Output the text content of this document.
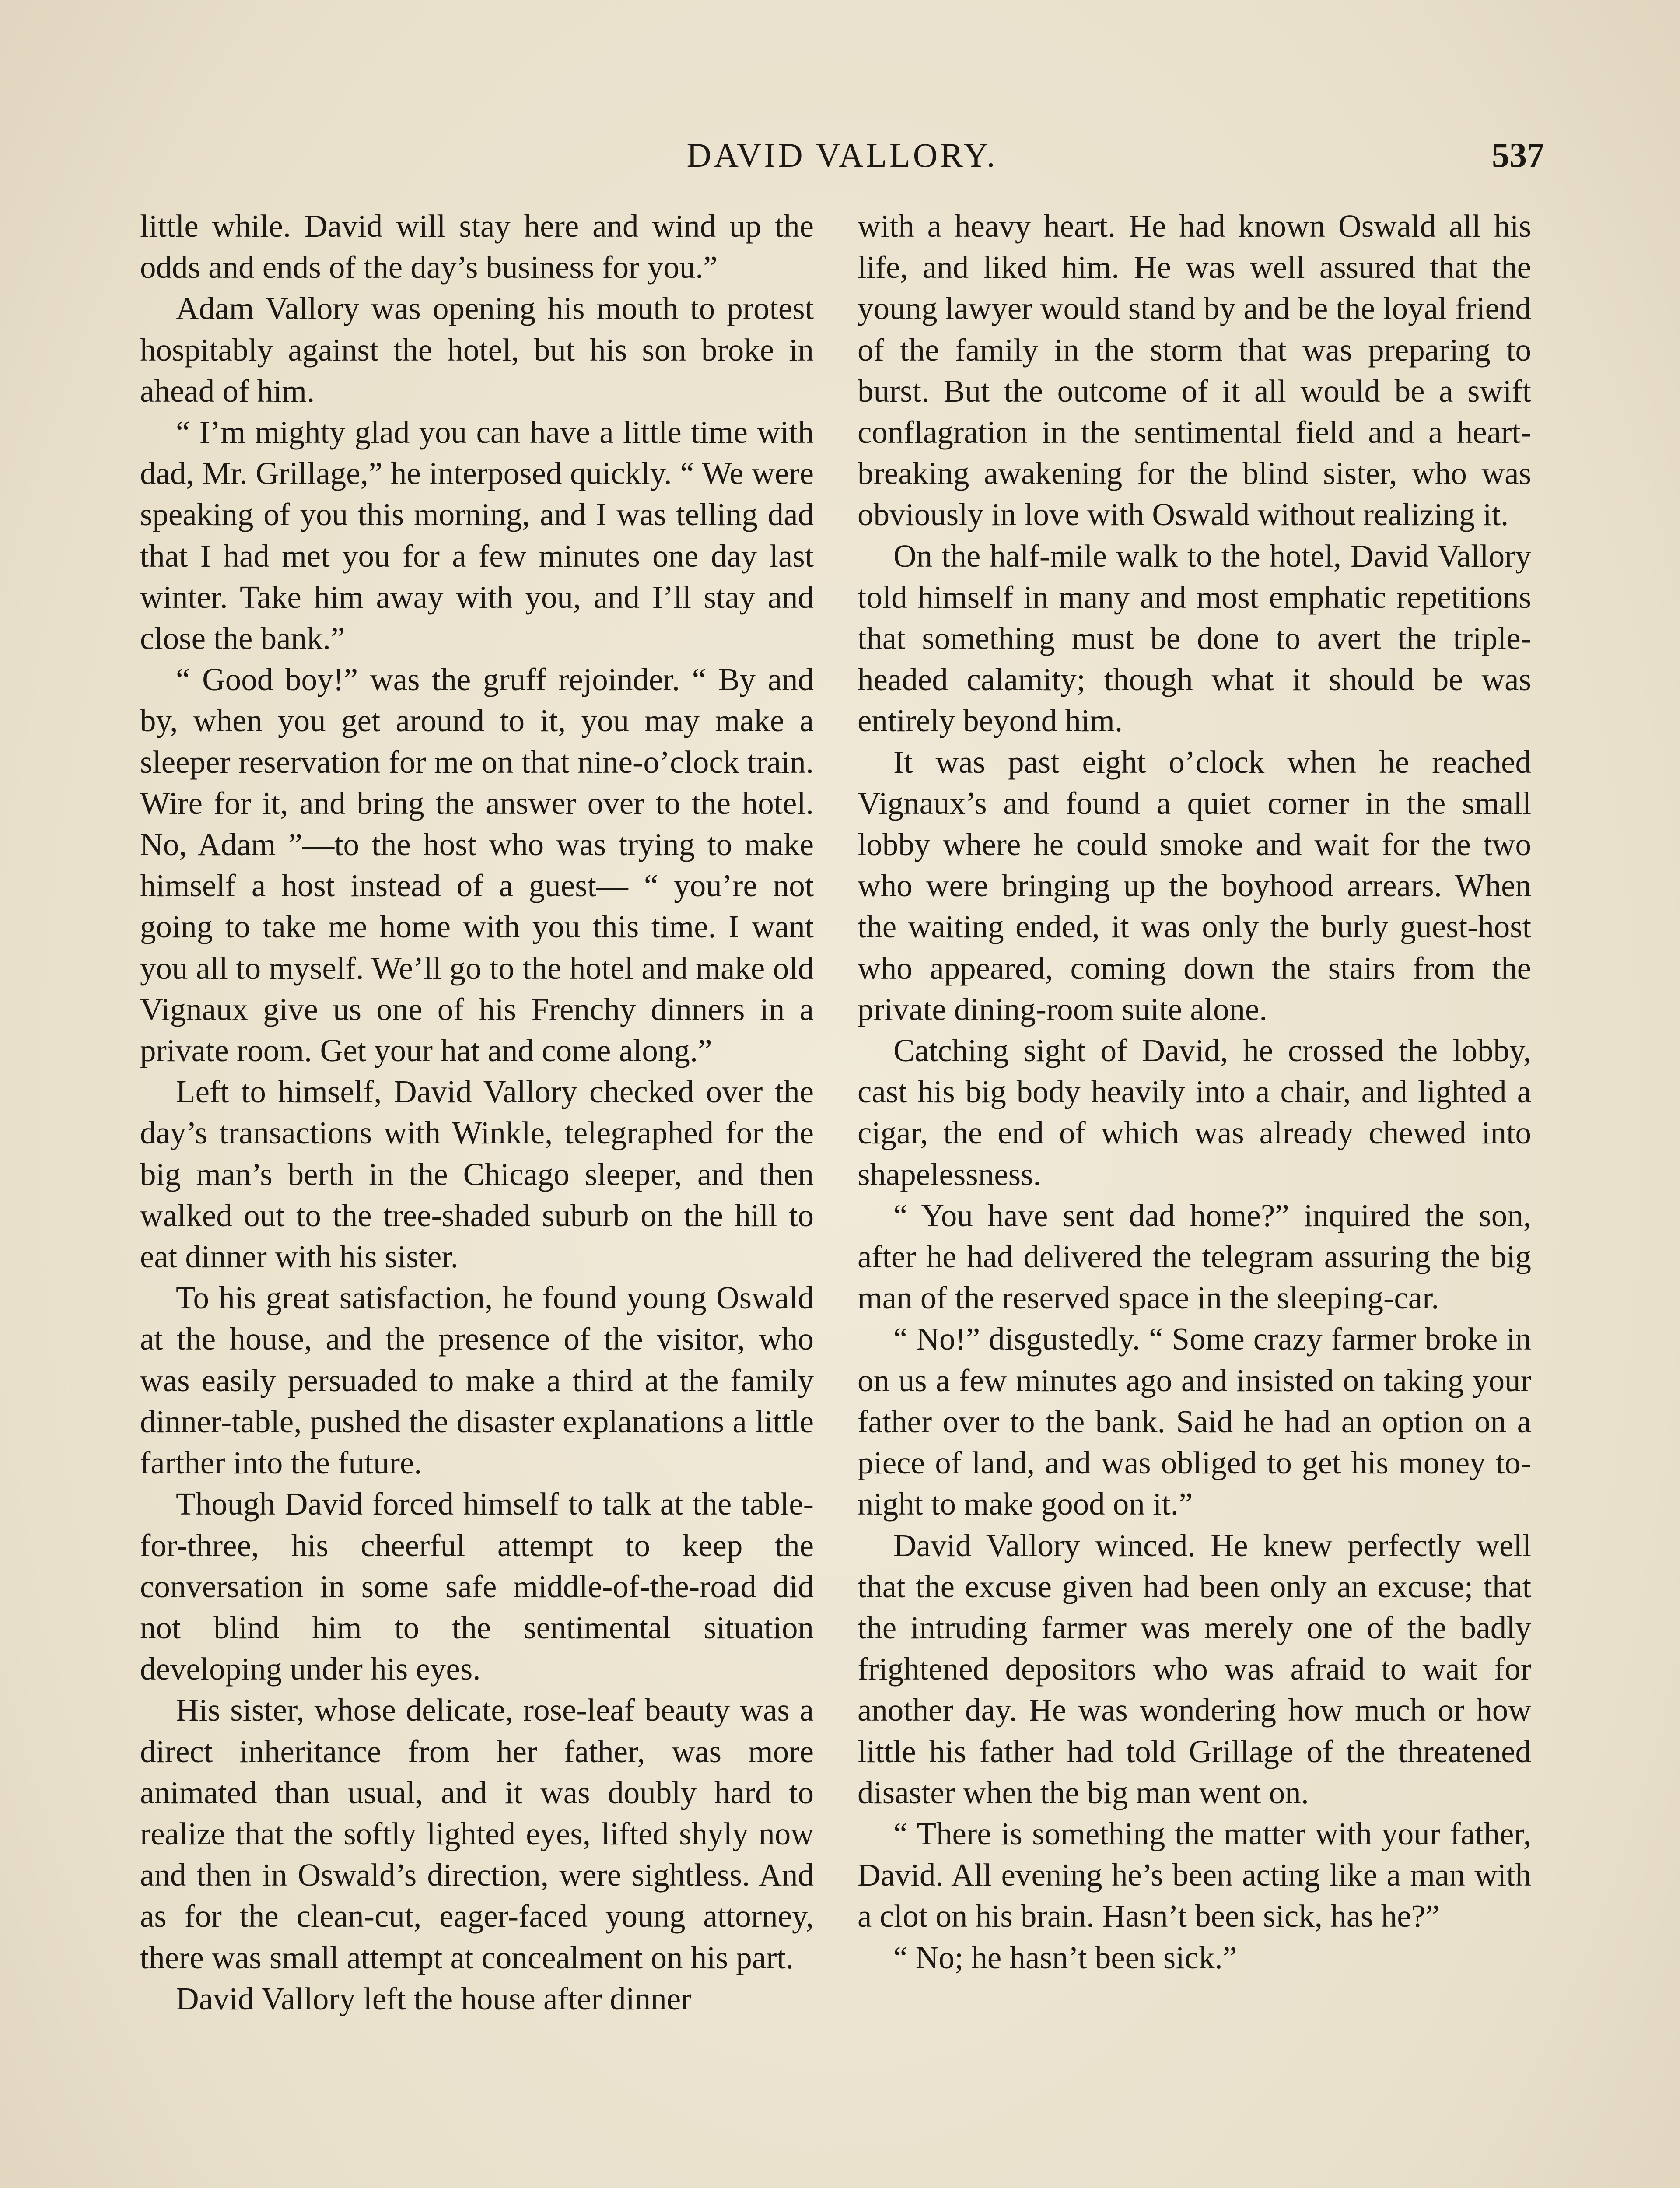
DAVID VALLORY.	537

little while. David will stay here and wind up the odds and ends of the day’s business for you.”

Adam Vallory was opening his mouth to protest hospitably against the hotel, but his son broke in ahead of him.

“ I’m mighty glad you can have a little time with dad, Mr. Grillage,” he interposed quickly. “ We were speaking of you this morning, and I was telling dad that I had met you for a few minutes one day last winter. Take him away with you, and I’ll stay and close the bank.”

“ Good boy!” was the gruff rejoinder. “ By and by, when you get around to it, you may make a sleeper reservation for me on that nine-o’clock train. Wire for it, and bring the answer over to the hotel. No, Adam ”—to the host who was trying to make himself a host instead of a guest— “ you’re not going to take me home with you this time. I want you all to myself. We’ll go to the hotel and make old Vignaux give us one of his Frenchy dinners in a private room. Get your hat and come along.”

Left to himself, David Vallory checked over the day’s transactions with Winkle, telegraphed for the big man’s berth in the Chicago sleeper, and then walked out to the tree-shaded suburb on the hill to eat dinner with his sister.

To his great satisfaction, he found young Oswald at the house, and the presence of the visitor, who was easily persuaded to make a third at the family dinner-table, pushed the disaster explanations a little farther into the future.

Though David forced himself to talk at the table-for-three, his cheerful attempt to keep the conversation in some safe middle-of-the-road did not blind him to the sentimental situation developing under his eyes.

His sister, whose delicate, rose-leaf beauty was a direct inheritance from her father, was more animated than usual, and it was doubly hard to realize that the softly lighted eyes, lifted shyly now and then in Oswald’s direction, were sightless. And as for the clean-cut, eager-faced young attorney, there was small attempt at concealment on his part.

David Vallory left the house after dinner

with a heavy heart. He had known Oswald all his life, and liked him. He was well assured that the young lawyer would stand by and be the loyal friend of the family in the storm that was preparing to burst. But the outcome of it all would be a swift conflagration in the sentimental field and a heart-breaking awakening for the blind sister, who was obviously in love with Oswald without realizing it.

On the half-mile walk to the hotel, David Vallory told himself in many and most emphatic repetitions that something must be done to avert the triple-headed calamity; though what it should be was entirely beyond him.

It was past eight o’clock when he reached Vignaux’s and found a quiet corner in the small lobby where he could smoke and wait for the two who were bringing up the boyhood arrears. When the waiting ended, it was only the burly guest-host who appeared, coming down the stairs from the private dining-room suite alone.

Catching sight of David, he crossed the lobby, cast his big body heavily into a chair, and lighted a cigar, the end of which was already chewed into shapelessness.

“ You have sent dad home?” inquired the son, after he had delivered the telegram assuring the big man of the reserved space in the sleeping-car.

“ No!” disgustedly. “ Some crazy farmer broke in on us a few minutes ago and insisted on taking your father over to the bank. Said he had an option on a piece of land, and was obliged to get his money to-night to make good on it.”

David Vallory winced. He knew perfectly well that the excuse given had been only an excuse; that the intruding farmer was merely one of the badly frightened depositors who was afraid to wait for another day. He was wondering how much or how little his father had told Grillage of the threatened disaster when the big man went on.

“ There is something the matter with your father, David. All evening he’s been acting like a man with a clot on his brain. Hasn’t been sick, has he?”

“ No; he hasn’t been sick.”
